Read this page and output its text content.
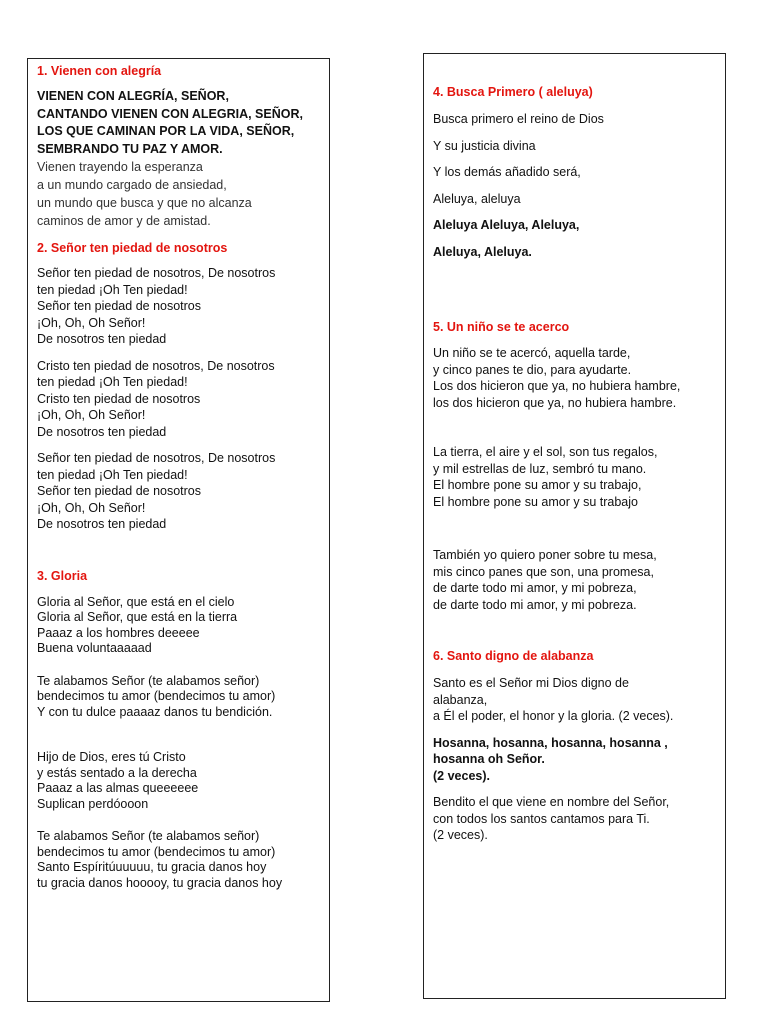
1. Vienen con alegría

VIENEN CON ALEGRÍA, SEÑOR,
CANTANDO VIENEN CON ALEGRIA, SEÑOR,
LOS QUE CAMINAN POR LA VIDA, SEÑOR,
SEMBRANDO TU PAZ Y AMOR.
Vienen trayendo la esperanza
a un mundo cargado de ansiedad,
un mundo que busca y que no alcanza
caminos de amor y de amistad.

2. Señor ten piedad de nosotros

Señor ten piedad de nosotros, De nosotros
ten piedad ¡Oh Ten piedad!
Señor ten piedad de nosotros
¡Oh, Oh, Oh Señor!
De nosotros ten piedad
Cristo ten piedad de nosotros, De nosotros
ten piedad ¡Oh Ten piedad!
Cristo ten piedad de nosotros
¡Oh, Oh, Oh Señor!
De nosotros ten piedad
Señor ten piedad de nosotros, De nosotros
ten piedad ¡Oh Ten piedad!
Señor ten piedad de nosotros
¡Oh, Oh, Oh Señor!
De nosotros ten piedad

3. Gloria

Gloria al Señor, que está en el cielo
Gloria al Señor, que está en la tierra
Paaaz a los hombres deeeee
Buena voluntaaaaad
Te alabamos Señor (te alabamos señor)
bendecimos tu amor (bendecimos tu amor)
Y con tu dulce paaaaz danos tu bendición.
Hijo de Dios, eres tú Cristo
y estás sentado a la derecha
Paaaz a las almas queeeeee
Suplican perdóooon
Te alabamos Señor (te alabamos señor)
bendecimos tu amor (bendecimos tu amor)
Santo Espíritúuuuuu, tu gracia danos hoy
tu gracia danos hooooy, tu gracia danos hoy

4. Busca Primero ( aleluya)

Busca primero el reino de Dios

Y su justicia divina

Y los demás añadido será,

Aleluya, aleluya

Aleluya Aleluya, Aleluya,

Aleluya, Aleluya.

5. Un niño se te acerco

Un niño se te acercó, aquella tarde,
y cinco panes te dio, para ayudarte.
Los dos hicieron que ya, no hubiera hambre,
los dos hicieron que ya, no hubiera hambre.
La tierra, el aire y el sol, son tus regalos,
y mil estrellas de luz, sembró tu mano.
El hombre pone su amor y su trabajo,
El hombre pone su amor y su trabajo
También yo quiero poner sobre tu mesa,
mis cinco panes que son, una promesa,
de darte todo mi amor, y mi pobreza,
de darte todo mi amor, y mi pobreza.

6. Santo digno de alabanza

Santo es el Señor mi Dios digno de
alabanza,
a Él el poder, el honor y la gloria. (2 veces).
Hosanna, hosanna, hosanna, hosanna ,
hosanna oh Señor.
(2 veces).
Bendito el que viene en nombre del Señor,
con todos los santos cantamos para Ti.
(2 veces).
